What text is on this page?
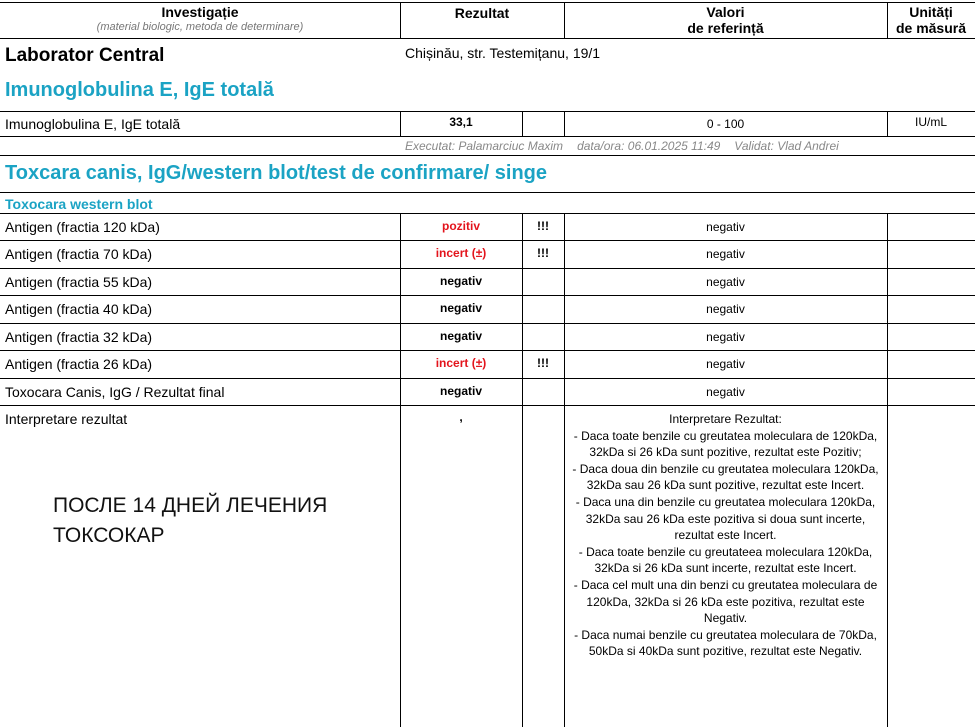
Investigație
(material biologic, metoda de determinare)
Rezultat	Valori
de referință
Unități
de măsură
Laborator Central	Chișinău, str. Testemițanu, 19/1
Imunoglobulina E, IgE totală
Imunoglobulina E, IgE totală	33,1	0 - 100	IU/mL
Executat: Palamarciuc Maxim data/ora: 06.01.2025 11:49 Validat: Vlad Andrei
Toxcara canis, IgG/western blot/test de confirmare/ singe
Toxocara western blot
Antigen (fractia 120 kDa)	pozitiv	!!!	negativ
Antigen (fractia 70 kDa)	incert (±)	!!!	negativ
Antigen (fractia 55 kDa)	negativ	negativ
Antigen (fractia 40 kDa)	negativ	negativ
Antigen (fractia 32 kDa)	negativ	negativ
Antigen (fractia 26 kDa)	incert (±)	!!!	negativ
Toxocara Canis, IgG / Rezultat final	negativ	negativ
Interpretare rezultat	,	Interpretare Rezultat:
- Daca toate benzile cu greutatea moleculara de 120kDa, 32kDa si 26 kDa sunt pozitive, rezultat este Pozitiv;
- Daca doua din benzile cu greutatea moleculara 120kDa, 32kDa sau 26 kDa sunt pozitive, rezultat este Incert.
- Daca una din benzile cu greutatea moleculara 120kDa, 32kDa sau 26 kDa este pozitiva si doua sunt incerte, rezultat este Incert.
- Daca toate benzile cu greutateea moleculara 120kDa, 32kDa si 26 kDa sunt incerte, rezultat este Incert.
- Daca cel mult una din benzi cu greutatea moleculara de 120kDa, 32kDa si 26 kDa este pozitiva, rezultat este Negativ.
- Daca numai benzile cu greutatea moleculara de 70kDa, 50kDa si 40kDa sunt pozitive, rezultat este Negativ.
ПОСЛЕ 14 ДНЕЙ ЛЕЧЕНИЯ ТОКСОКАР
